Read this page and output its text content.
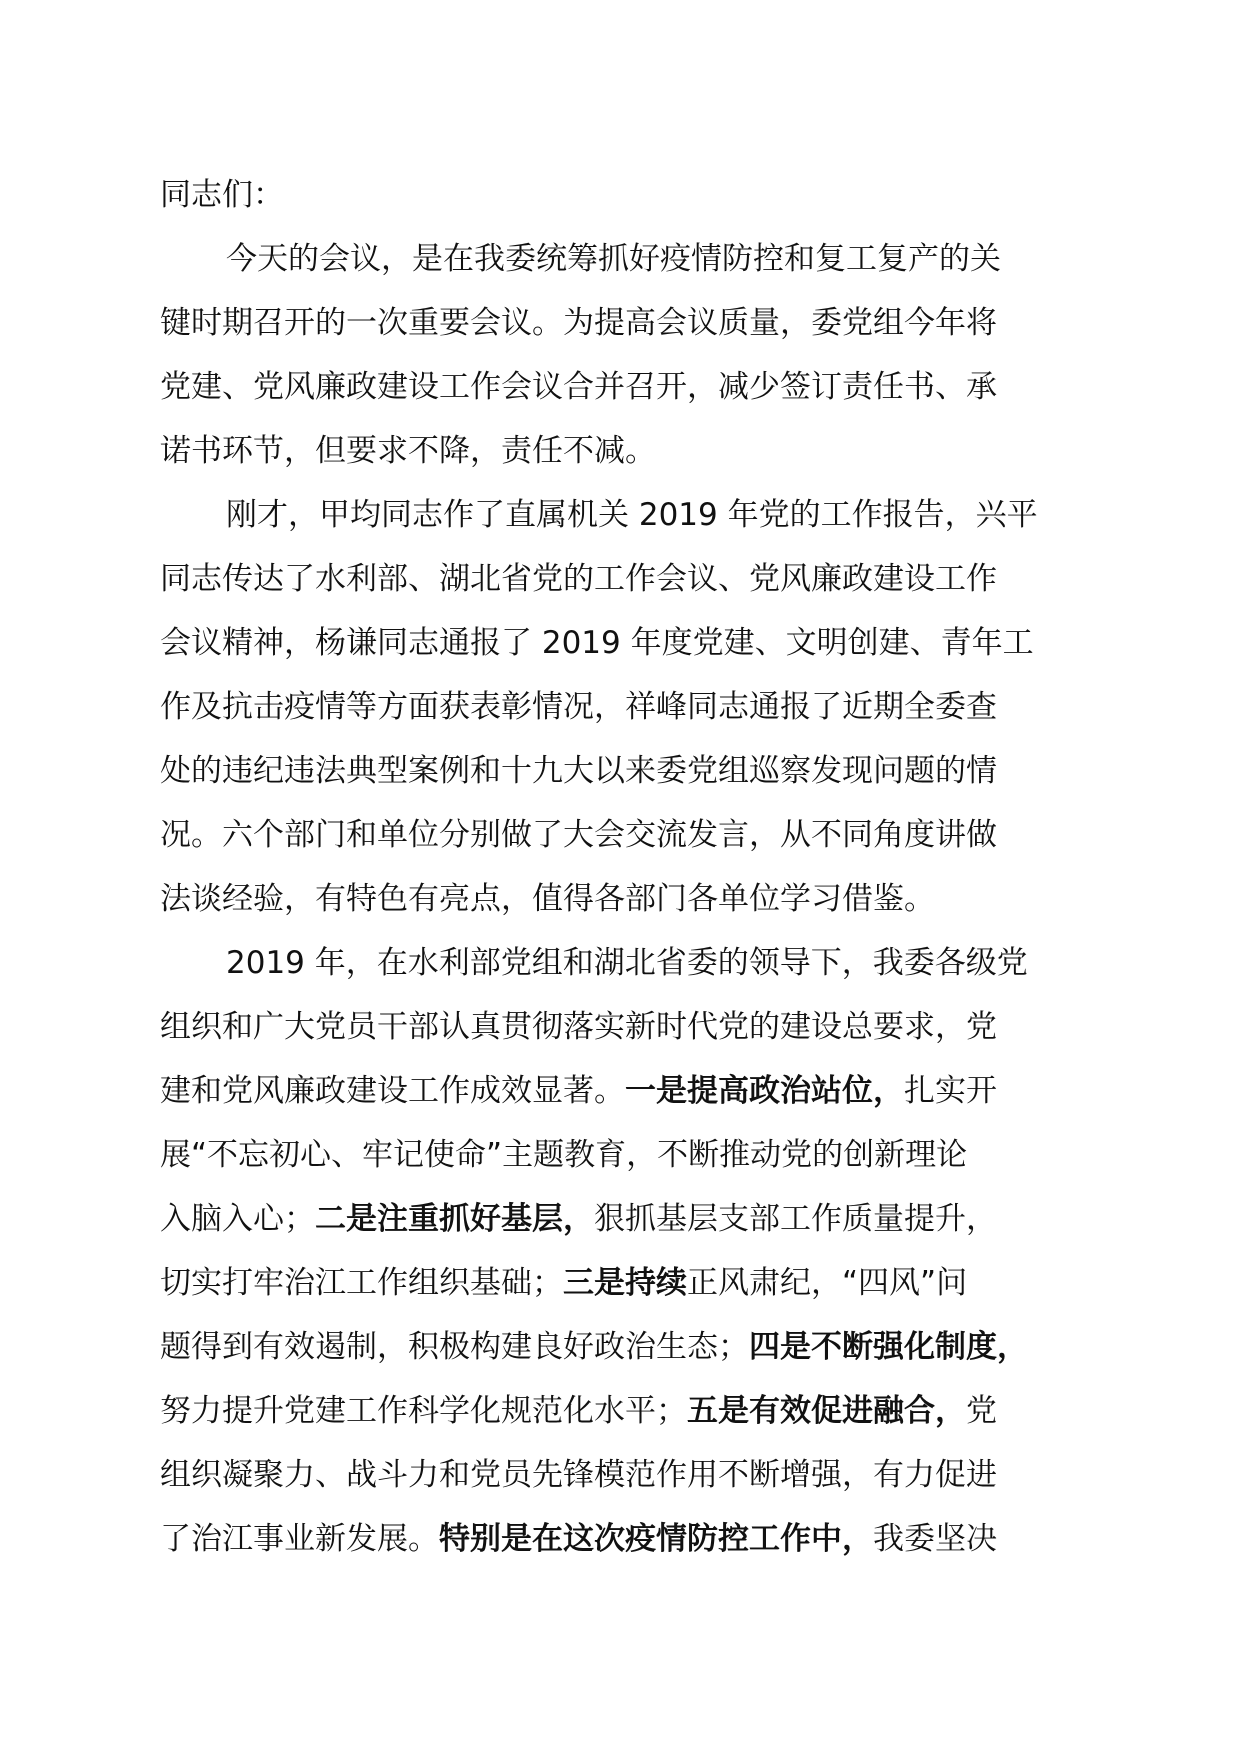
同志们：
今天的会议，是在我委统筹抓好疫情防控和复工复产的关
键时期召开的一次重要会议。为提高会议质量，委党组今年将
党建、党风廉政建设工作会议合并召开，减少签订责任书、承
诺书环节，但要求不降，责任不减。
刚才，甲均同志作了直属机关 2019 年党的工作报告，兴平
同志传达了水利部、湖北省党的工作会议、党风廉政建设工作
会议精神，杨谦同志通报了 2019 年度党建、文明创建、青年工
作及抗击疫情等方面获表彰情况，祥峰同志通报了近期全委查
处的违纪违法典型案例和十九大以来委党组巡察发现问题的情
况。六个部门和单位分别做了大会交流发言，从不同角度讲做
法谈经验，有特色有亮点，值得各部门各单位学习借鉴。
2019 年，在水利部党组和湖北省委的领导下，我委各级党
组织和广大党员干部认真贯彻落实新时代党的建设总要求，党
建和党风廉政建设工作成效显著。一是提高政治站位，扎实开
展“不忘初心、牢记使命”主题教育，不断推动党的创新理论
入脑入心；二是注重抓好基层，狠抓基层支部工作质量提升，
切实打牢治江工作组织基础；三是持续正风肃纪，“四风”问
题得到有效遏制，积极构建良好政治生态；四是不断强化制度，
努力提升党建工作科学化规范化水平；五是有效促进融合，党
组织凝聚力、战斗力和党员先锋模范作用不断增强，有力促进
了治江事业新发展。特别是在这次疫情防控工作中，我委坚决
